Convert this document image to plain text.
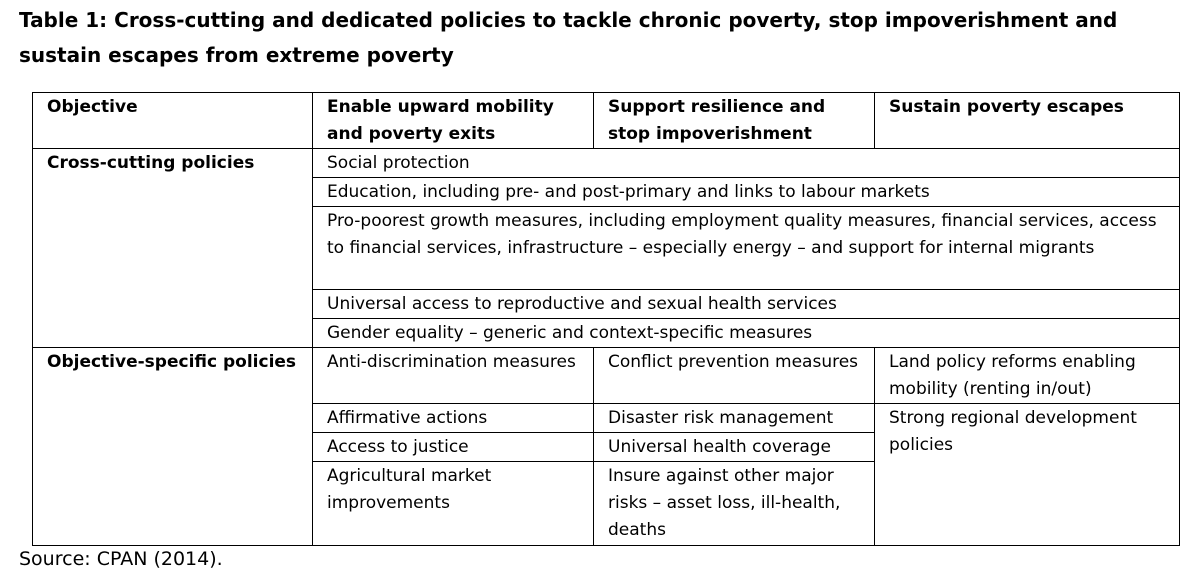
Table 1: Cross-cutting and dedicated policies to tackle chronic poverty, stop impoverishment and sustain escapes from extreme poverty
Objective	Enable upward mobility and poverty exits	Support resilience and stop impoverishment	Sustain poverty escapes
Cross-cutting policies	Social protection		
	Education, including pre- and post-primary and links to labour markets		
	Pro-poorest growth measures, including employment quality measures, financial services, access to financial services, infrastructure – especially energy – and support for internal migrants		
	Universal access to reproductive and sexual health services		
	Gender equality – generic and context-specific measures		
Objective-specific policies	Anti-discrimination measures	Conflict prevention measures	Land policy reforms enabling mobility (renting in/out)
	Affirmative actions	Disaster risk management	Strong regional development policies
	Access to justice	Universal health coverage	
	Agricultural market improvements	Insure against other major risks – asset loss, ill-health, deaths	
Source: CPAN (2014).
